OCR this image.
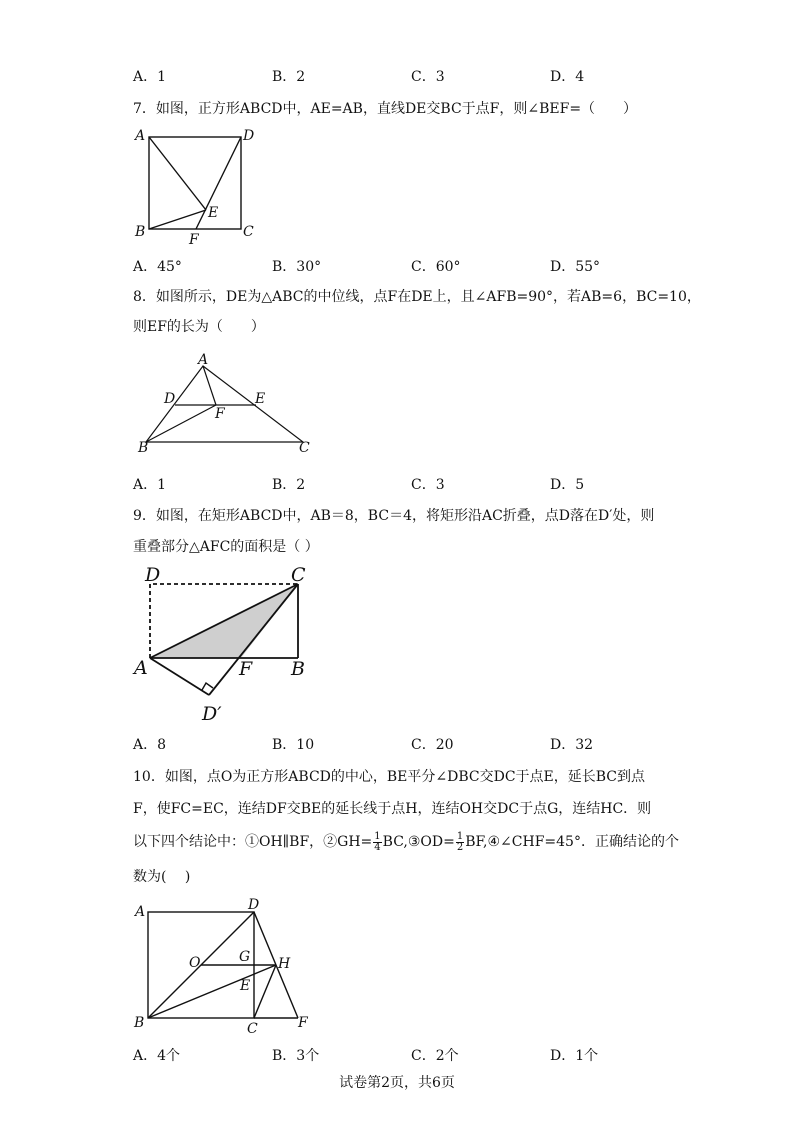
A．1	B．2	C．3	D．4
7．如图，正方形ABCD中，AE=AB，直线DE交BC于点F，则∠BEF=（　　）
A	D
B	C
E
F
A．45°	B．30°	C．60°	D．55°
8．如图所示，DE为△ABC的中位线，点F在DE上，且∠AFB=90°，若AB=6，BC=10，
则EF的长为（　　）
A
D	E
F
B	C
A．1	B．2	C．3	D．5
9．如图，在矩形ABCD中，AB＝8，BC＝4，将矩形沿AC折叠，点D落在D′处，则
重叠部分△AFC的面积是（ ）
D	C
A	F B
D′
A．8	B．10	C．20	D．32
10．如图，点O为正方形ABCD的中心，BE平分∠DBC交DC于点E，延长BC到点
F，使FC=EC，连结DF交BE的延长线于点H，连结OH交DC于点G，连结HC．则
以下四个结论中：①OH∥BF，②GH= $\frac{1}{4}$ BC,③OD= $\frac{1}{2}$ BF,④∠CHF=45°．正确结论的个
数为(　 )
A	D
O	G H
E
B	C	F
A．4个	B．3个	C．2个	D．1个
试卷第2页，共6页
